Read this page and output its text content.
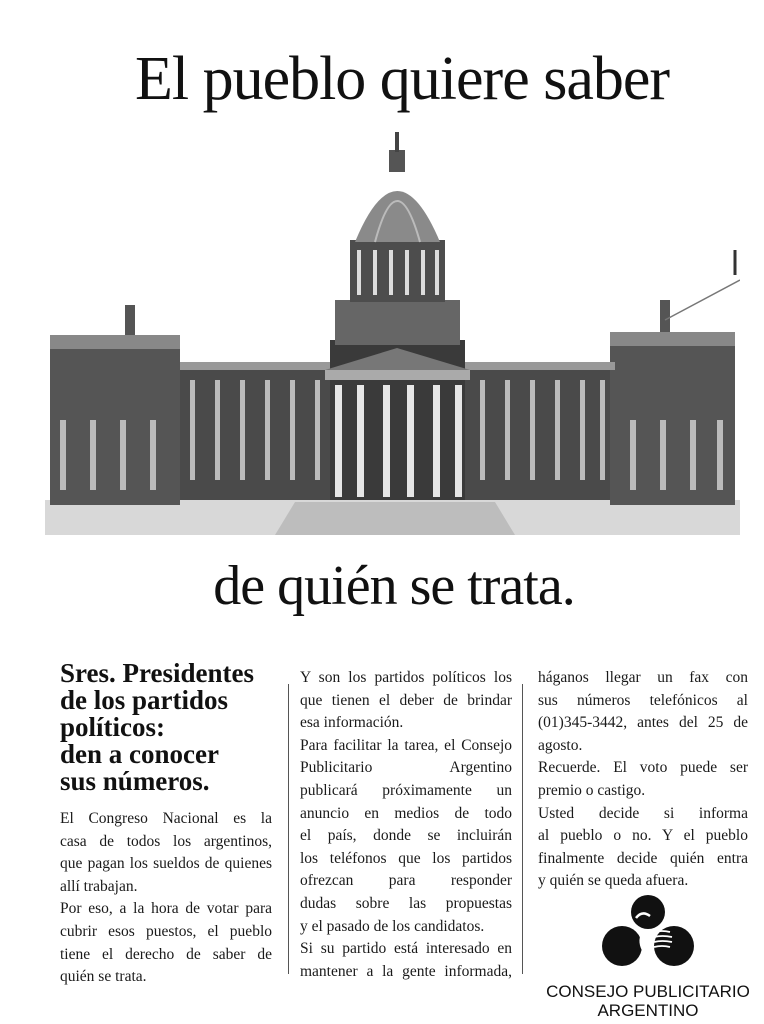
El pueblo quiere saber
de quién se trata.
Sres. Presidentes
de los partidos
políticos:
den a conocer
sus números.
El Congreso Nacional es la
casa de todos los argentinos,
que pagan los sueldos de quienes
allí trabajan.
Por eso, a la hora de votar para
cubrir esos puestos, el pueblo
tiene el derecho de saber de
quién se trata.
Y son los partidos políticos los
que tienen el deber de brindar
esa información.
Para facilitar la tarea, el Consejo
Publicitario Argentino
publicará próximamente un
anuncio en medios de todo
el país, donde se incluirán
los teléfonos que los partidos
ofrezcan para responder
dudas sobre las propuestas
y el pasado de los candidatos.
Si su partido está interesado en
mantener a la gente informada,
háganos llegar un fax con
sus números telefónicos al
(01)345-3442, antes del 25 de
agosto.
Recuerde. El voto puede ser
premio o castigo.
Usted decide si informa
al pueblo o no. Y el pueblo
finalmente decide quién entra
y quién se queda afuera.
CONSEJO PUBLICITARIO
ARGENTINO
